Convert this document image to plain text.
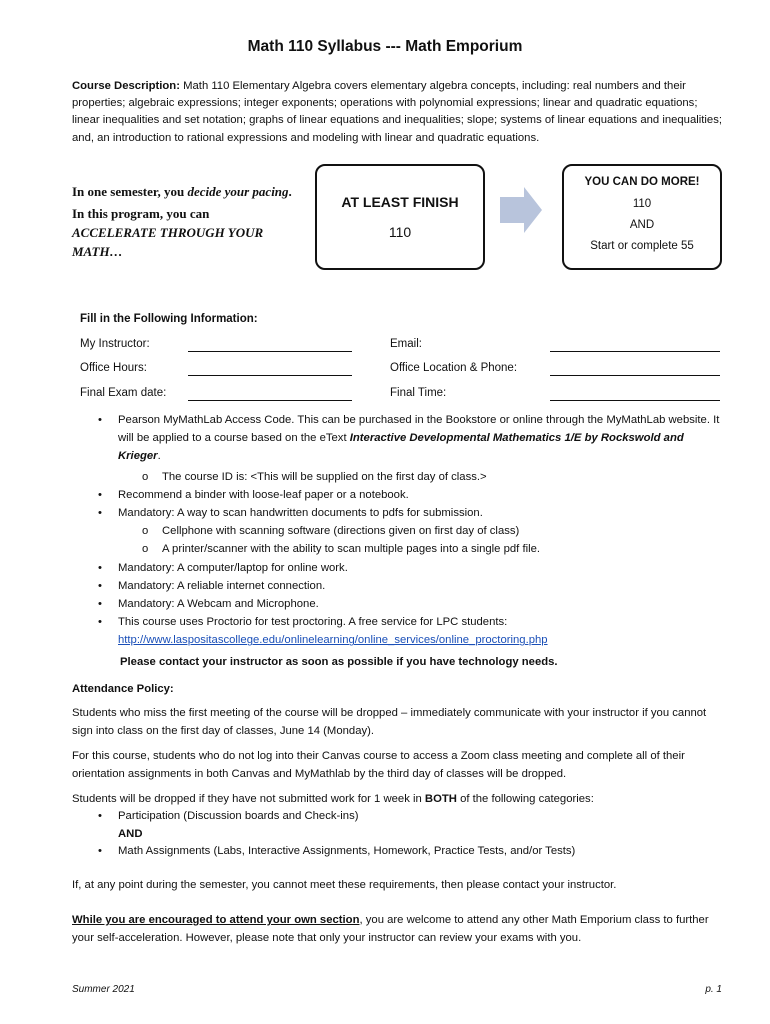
Math 110 Syllabus --- Math Emporium
Course Description: Math 110 Elementary Algebra covers elementary algebra concepts, including: real numbers and their properties; algebraic expressions; integer exponents; operations with polynomial expressions; linear and quadratic equations; linear inequalities and set notation; graphs of linear equations and inequalities; slope; systems of linear equations and inequalities; and, an introduction to rational expressions and modeling with linear and quadratic equations.
In one semester, you decide your pacing.
In this program, you can
ACCELERATE THROUGH YOUR MATH…
AT LEAST FINISH
110
YOU CAN DO MORE!
110
AND
Start or complete 55
Fill in the Following Information:
My Instructor:	Email:
Office Hours:	Office Location & Phone:
Final Exam date:	Final Time:
• Pearson MyMathLab Access Code. This can be purchased in the Bookstore or online through the MyMathLab website. It will be applied to a course based on the eText Interactive Developmental Mathematics 1/E by Rockswold and Krieger.
o The course ID is: <This will be supplied on the first day of class.>
• Recommend a binder with loose-leaf paper or a notebook.
• Mandatory: A way to scan handwritten documents to pdfs for submission.
o Cellphone with scanning software (directions given on first day of class)
o A printer/scanner with the ability to scan multiple pages into a single pdf file.
• Mandatory: A computer/laptop for online work.
• Mandatory: A reliable internet connection.
• Mandatory: A Webcam and Microphone.
• This course uses Proctorio for test proctoring. A free service for LPC students:
http://www.laspositascollege.edu/onlinelearning/online_services/online_proctoring.php
Please contact your instructor as soon as possible if you have technology needs.
Attendance Policy:
Students who miss the first meeting of the course will be dropped – immediately communicate with your instructor if you cannot sign into class on the first day of classes, June 14 (Monday).
For this course, students who do not log into their Canvas course to access a Zoom class meeting and complete all of their orientation assignments in both Canvas and MyMathlab by the third day of classes will be dropped.
Students will be dropped if they have not submitted work for 1 week in BOTH of the following categories:
• Participation (Discussion boards and Check-ins)
AND
• Math Assignments (Labs, Interactive Assignments, Homework, Practice Tests, and/or Tests)
If, at any point during the semester, you cannot meet these requirements, then please contact your instructor.
While you are encouraged to attend your own section, you are welcome to attend any other Math Emporium class to further your self-acceleration. However, please note that only your instructor can review your exams with you.
Summer 2021	p. 1
